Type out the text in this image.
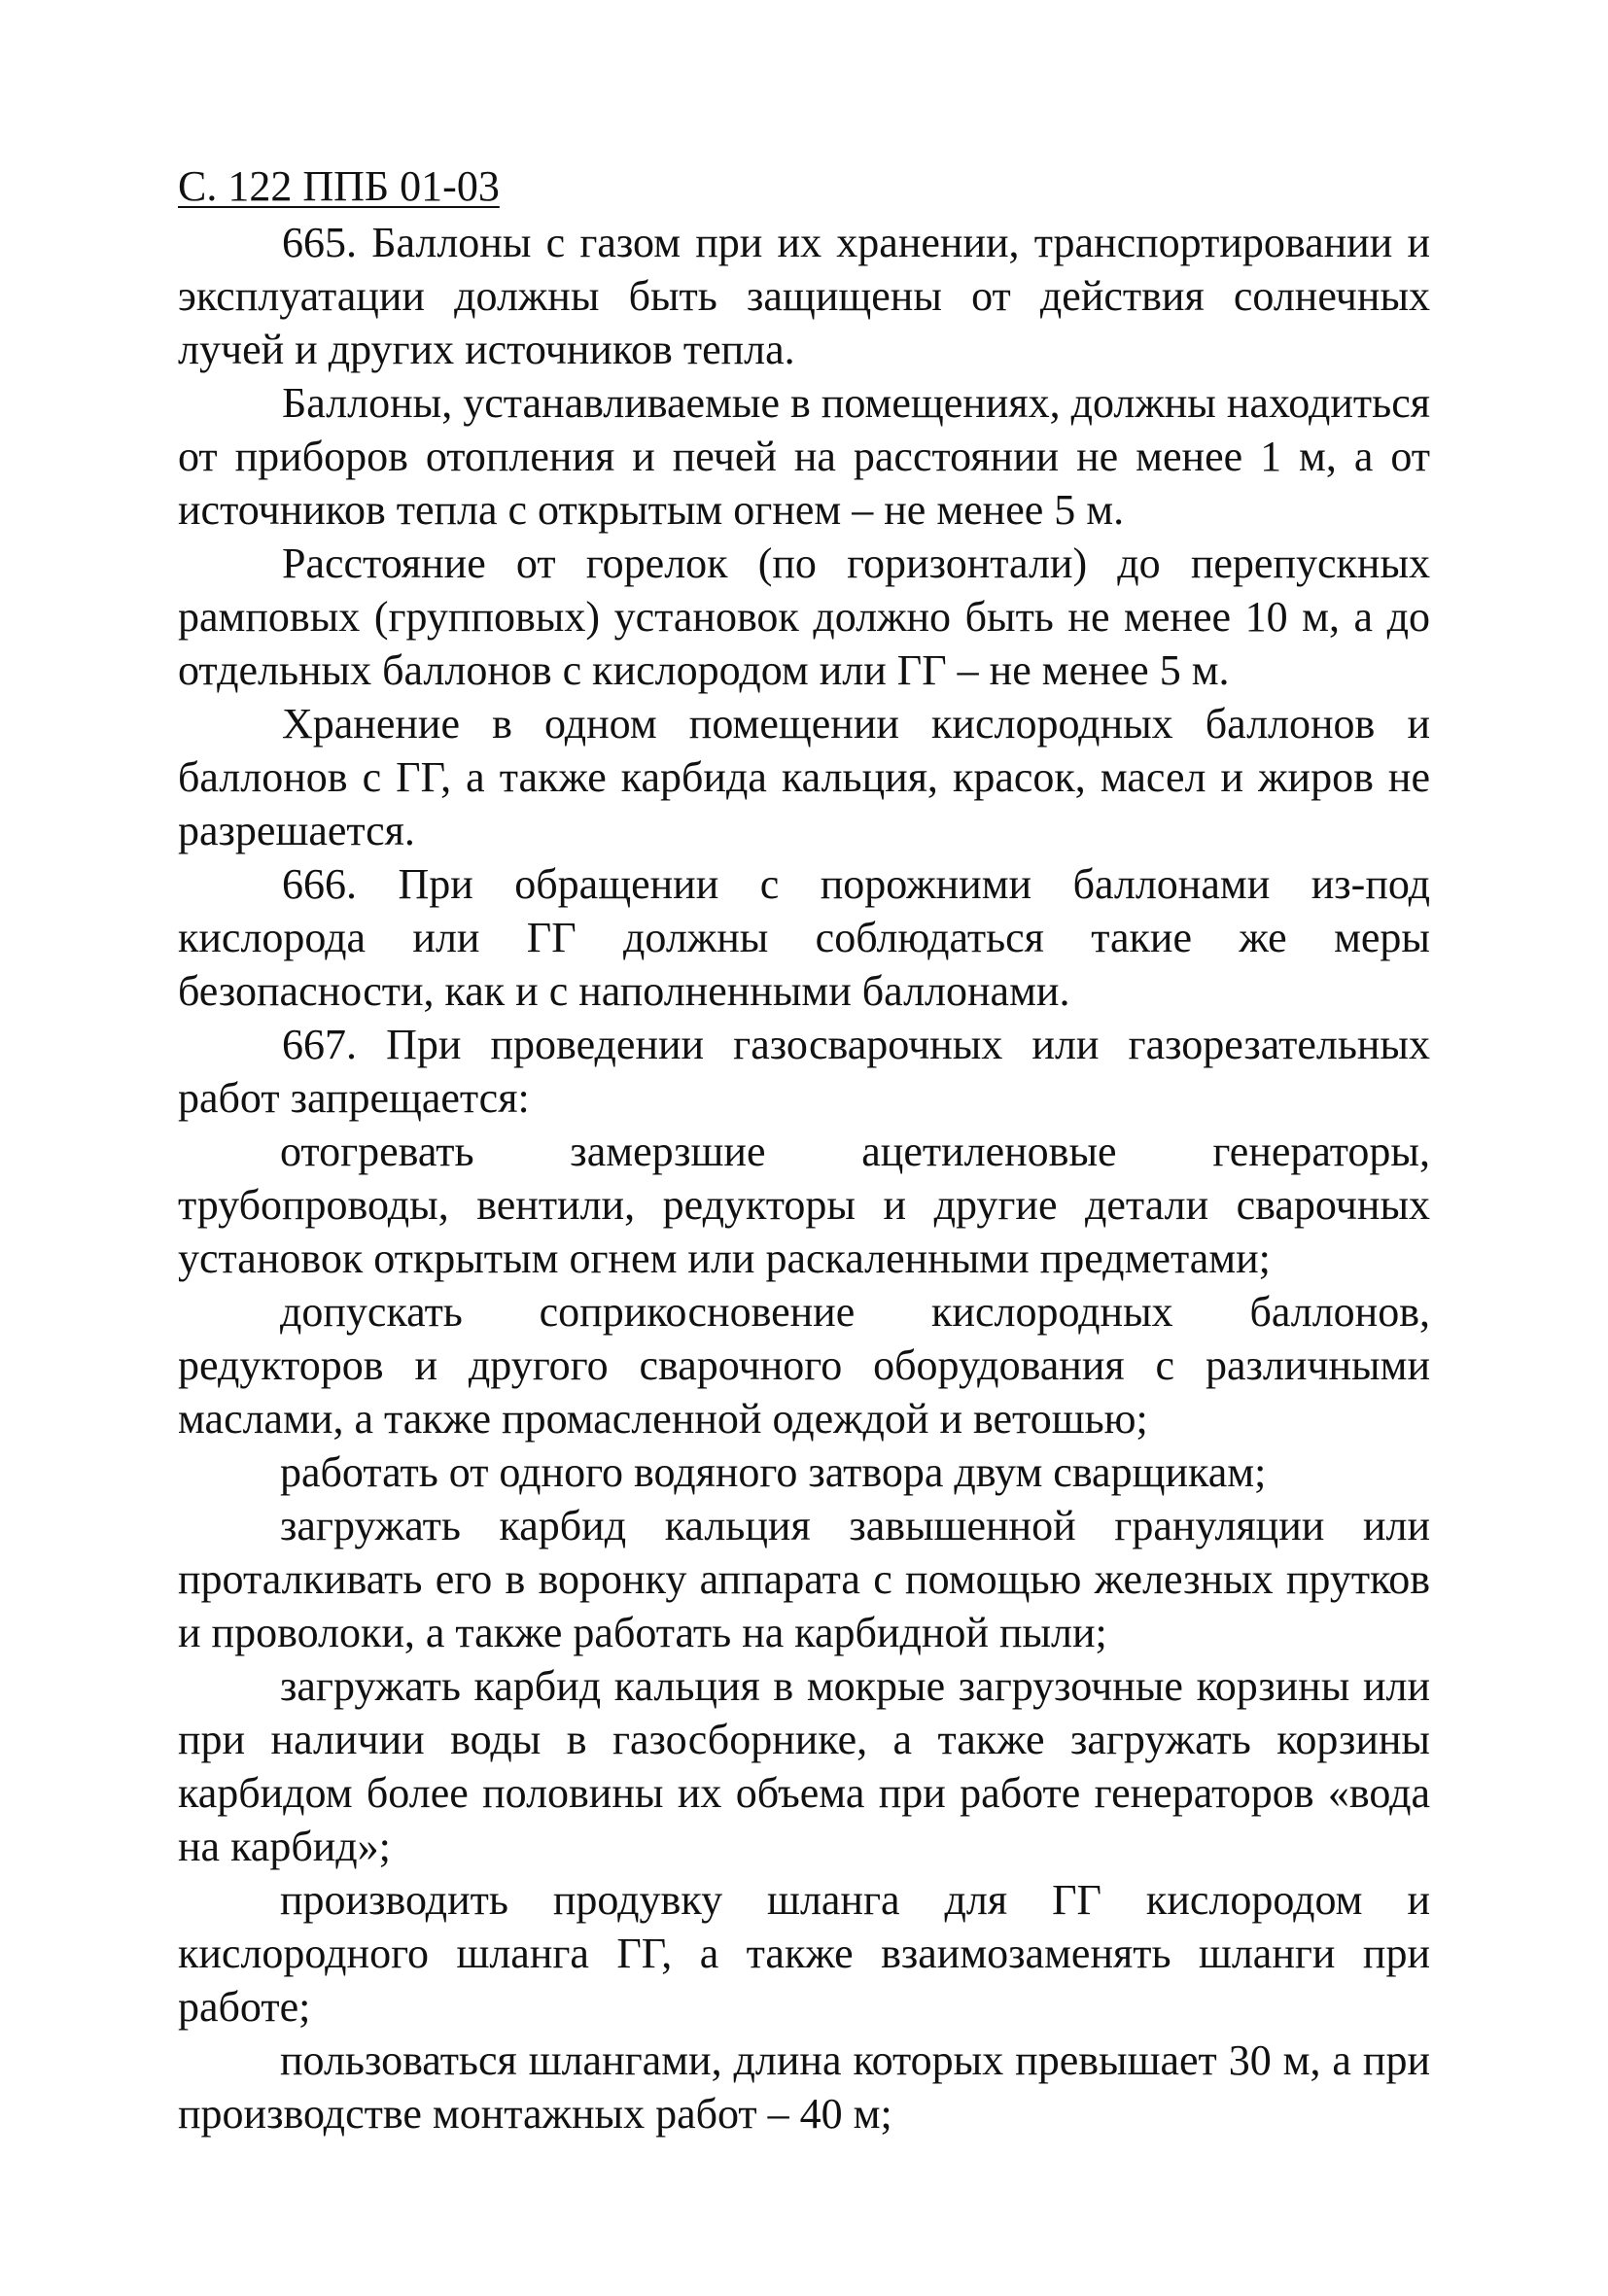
С. 122 ППБ 01-03

665. Баллоны с газом при их хранении, транспортировании и эксплуатации должны быть защищены от действия солнечных лучей и других источников тепла.

Баллоны, устанавливаемые в помещениях, должны находиться от приборов отопления и печей на расстоянии не менее 1 м, а от источников тепла с открытым огнем – не менее 5 м.

Расстояние от горелок (по горизонтали) до перепускных рамповых (групповых) установок должно быть не менее 10 м, а до отдельных баллонов с кислородом или ГГ – не менее 5 м.

Хранение в одном помещении кислородных баллонов и баллонов с ГГ, а также карбида кальция, красок, масел и жиров не разрешается.

666. При обращении с порожними баллонами из-под кислорода или ГГ должны соблюдаться такие же меры безопасности, как и с наполненными баллонами.

667. При проведении газосварочных или газорезательных работ запрещается:

отогревать замерзшие ацетиленовые генераторы, трубопроводы, вентили, редукторы и другие детали сварочных установок открытым огнем или раскаленными предметами;

допускать соприкосновение кислородных баллонов, редукторов и другого сварочного оборудования с различными маслами, а также промасленной одеждой и ветошью;

работать от одного водяного затвора двум сварщикам;

загружать карбид кальция завышенной грануляции или проталкивать его в воронку аппарата с помощью железных прутков и проволоки, а также работать на карбидной пыли;

загружать карбид кальция в мокрые загрузочные корзины или при наличии воды в газосборнике, а также загружать корзины карбидом более половины их объема при работе генераторов «вода на карбид»;

производить продувку шланга для ГГ кислородом и кислородного шланга ГГ, а также взаимозаменять шланги при работе;

пользоваться шлангами, длина которых превышает 30 м, а при производстве монтажных работ – 40 м;
